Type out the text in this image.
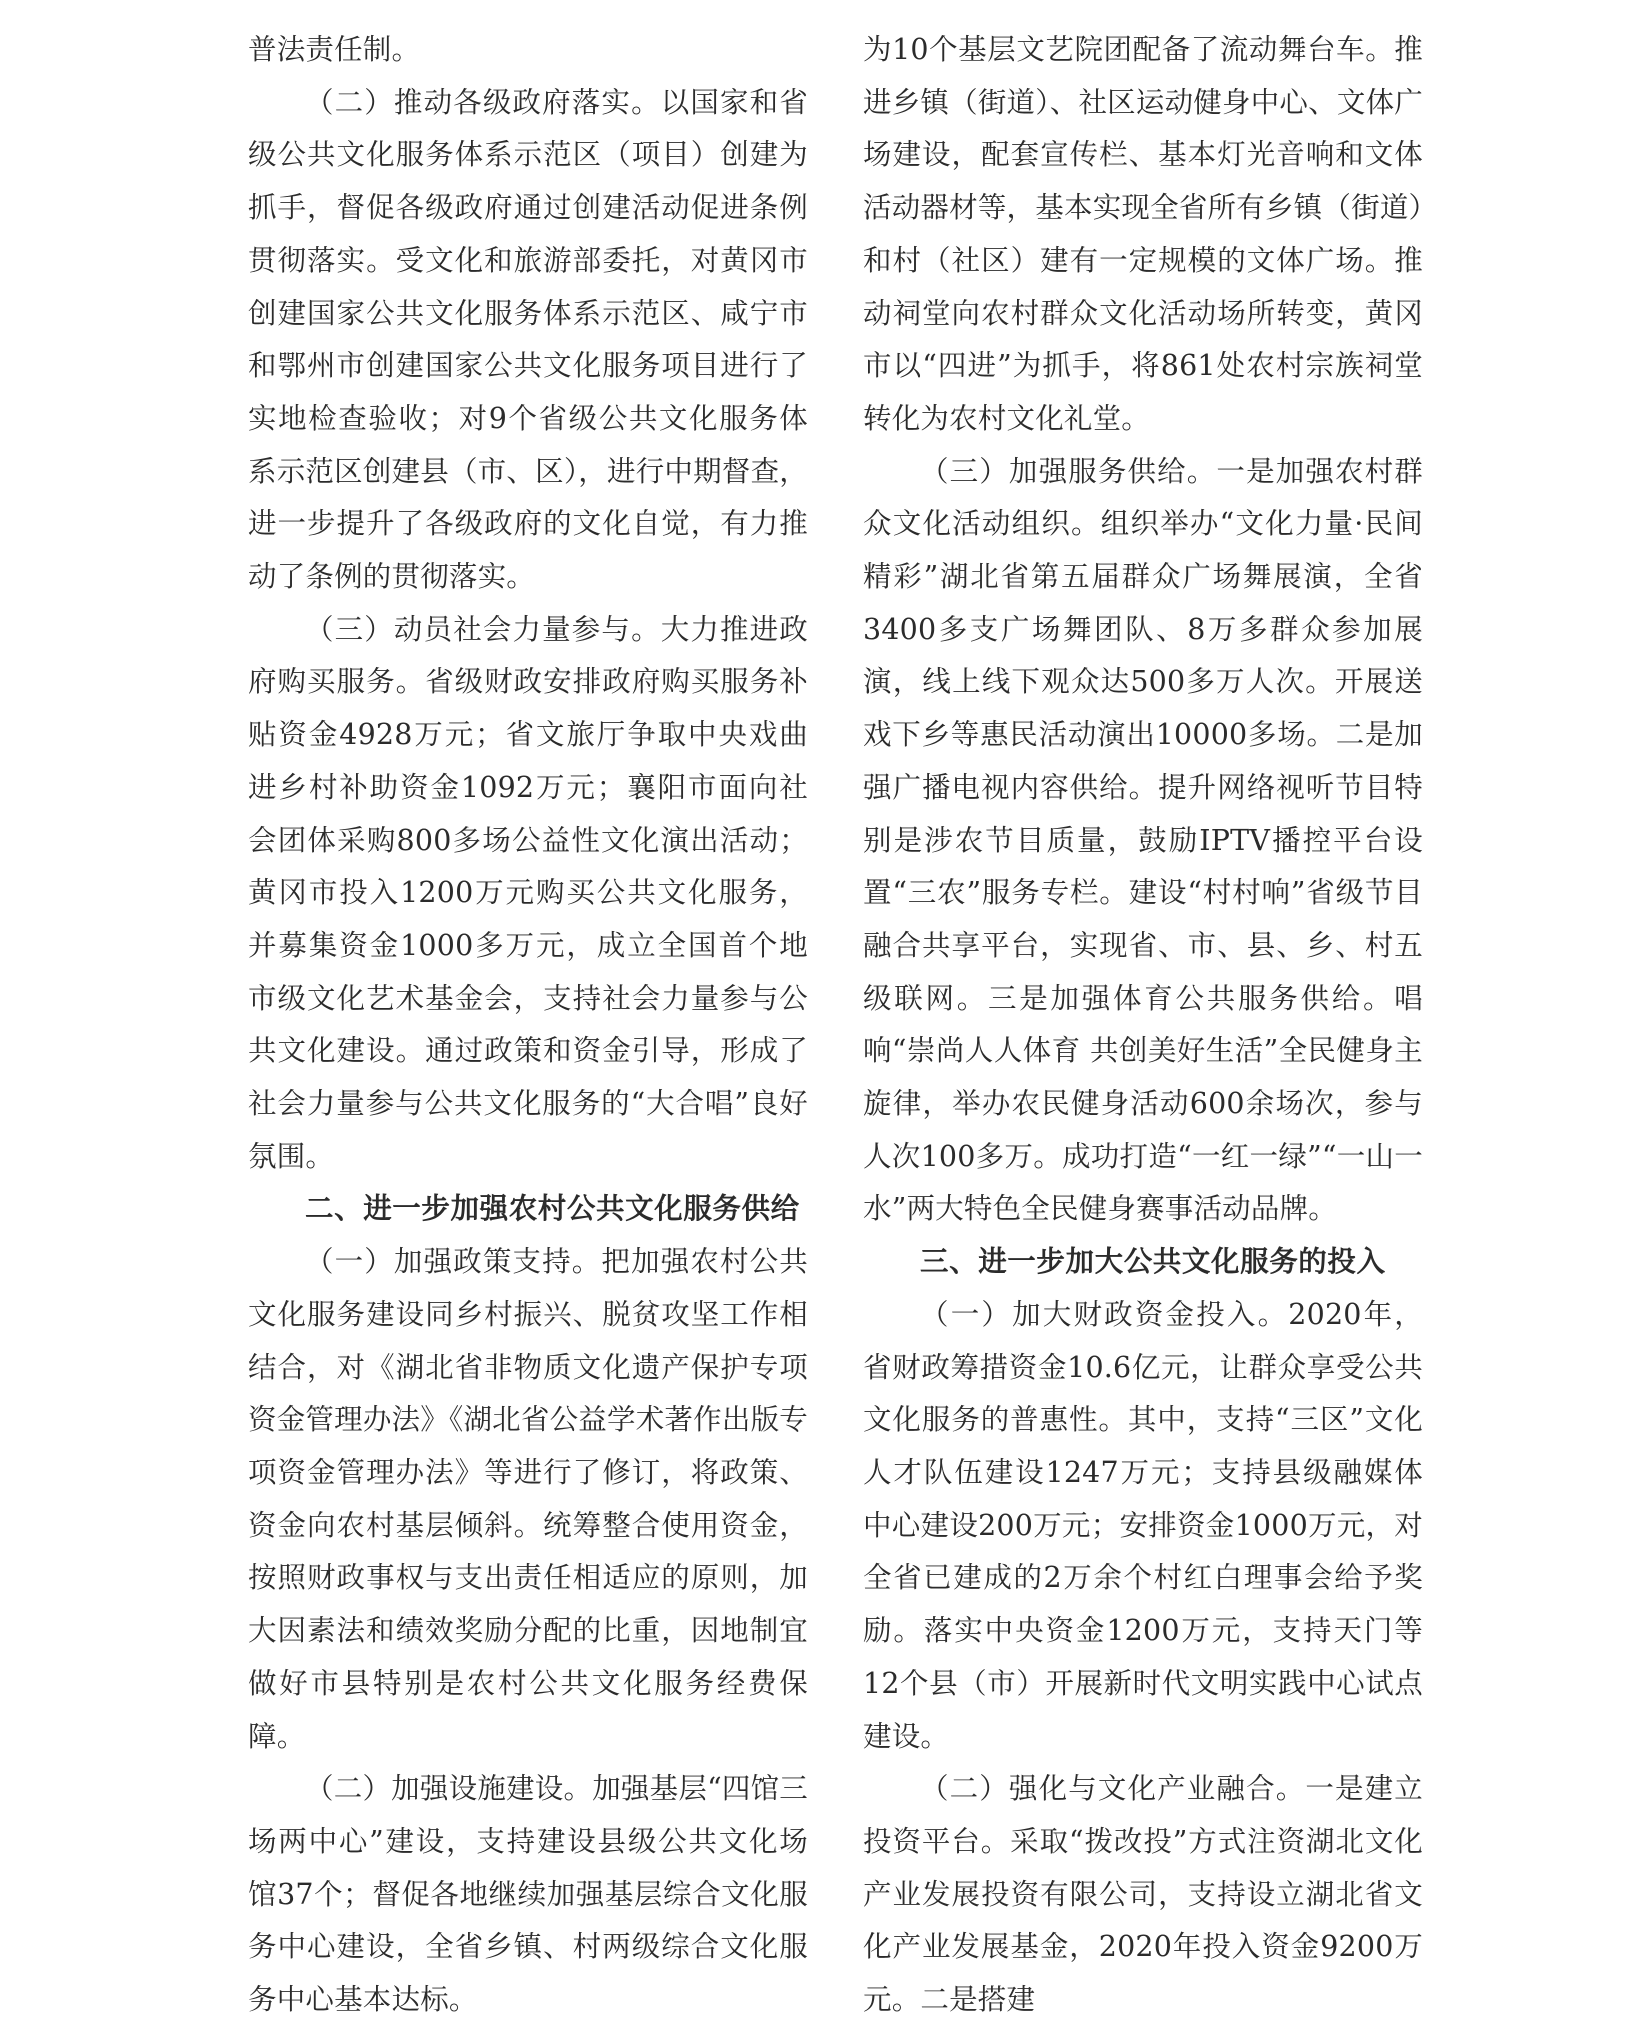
普法责任制。

（二）推动各级政府落实。以国家和省级公共文化服务体系示范区（项目）创建为抓手，督促各级政府通过创建活动促进条例贯彻落实。受文化和旅游部委托，对黄冈市创建国家公共文化服务体系示范区、咸宁市和鄂州市创建国家公共文化服务项目进行了实地检查验收；对9个省级公共文化服务体系示范区创建县（市、区），进行中期督查，进一步提升了各级政府的文化自觉，有力推动了条例的贯彻落实。

（三）动员社会力量参与。大力推进政府购买服务。省级财政安排政府购买服务补贴资金4928万元；省文旅厅争取中央戏曲进乡村补助资金1092万元；襄阳市面向社会团体采购800多场公益性文化演出活动；黄冈市投入1200万元购买公共文化服务，并募集资金1000多万元，成立全国首个地市级文化艺术基金会，支持社会力量参与公共文化建设。通过政策和资金引导，形成了社会力量参与公共文化服务的“大合唱”良好氛围。

二、进一步加强农村公共文化服务供给

（一）加强政策支持。把加强农村公共文化服务建设同乡村振兴、脱贫攻坚工作相结合，对《湖北省非物质文化遗产保护专项资金管理办法》《湖北省公益学术著作出版专项资金管理办法》等进行了修订，将政策、资金向农村基层倾斜。统筹整合使用资金，按照财政事权与支出责任相适应的原则，加大因素法和绩效奖励分配的比重，因地制宜做好市县特别是农村公共文化服务经费保障。

（二）加强设施建设。加强基层“四馆三场两中心”建设，支持建设县级公共文化场馆37个；督促各地继续加强基层综合文化服务中心建设，全省乡镇、村两级综合文化服务中心基本达标。

为10个基层文艺院团配备了流动舞台车。推进乡镇（街道）、社区运动健身中心、文体广场建设，配套宣传栏、基本灯光音响和文体活动器材等，基本实现全省所有乡镇（街道）和村（社区）建有一定规模的文体广场。推动祠堂向农村群众文化活动场所转变，黄冈市以“四进”为抓手，将861处农村宗族祠堂转化为农村文化礼堂。

（三）加强服务供给。一是加强农村群众文化活动组织。组织举办“文化力量·民间精彩”湖北省第五届群众广场舞展演，全省3400多支广场舞团队、8万多群众参加展演，线上线下观众达500多万人次。开展送戏下乡等惠民活动演出10000多场。二是加强广播电视内容供给。提升网络视听节目特别是涉农节目质量，鼓励IPTV播控平台设置“三农”服务专栏。建设“村村响”省级节目融合共享平台，实现省、市、县、乡、村五级联网。三是加强体育公共服务供给。唱响“崇尚人人体育 共创美好生活”全民健身主旋律，举办农民健身活动600余场次，参与人次100多万。成功打造“一红一绿”“一山一水”两大特色全民健身赛事活动品牌。

三、进一步加大公共文化服务的投入

（一）加大财政资金投入。2020年，省财政筹措资金10.6亿元，让群众享受公共文化服务的普惠性。其中，支持“三区”文化人才队伍建设1247万元；支持县级融媒体中心建设200万元；安排资金1000万元，对全省已建成的2万余个村红白理事会给予奖励。落实中央资金1200万元，支持天门等12个县（市）开展新时代文明实践中心试点建设。

（二）强化与文化产业融合。一是建立投资平台。采取“拨改投”方式注资湖北文化产业发展投资有限公司，支持设立湖北省文化产业发展基金，2020年投入资金9200万元。二是搭建
